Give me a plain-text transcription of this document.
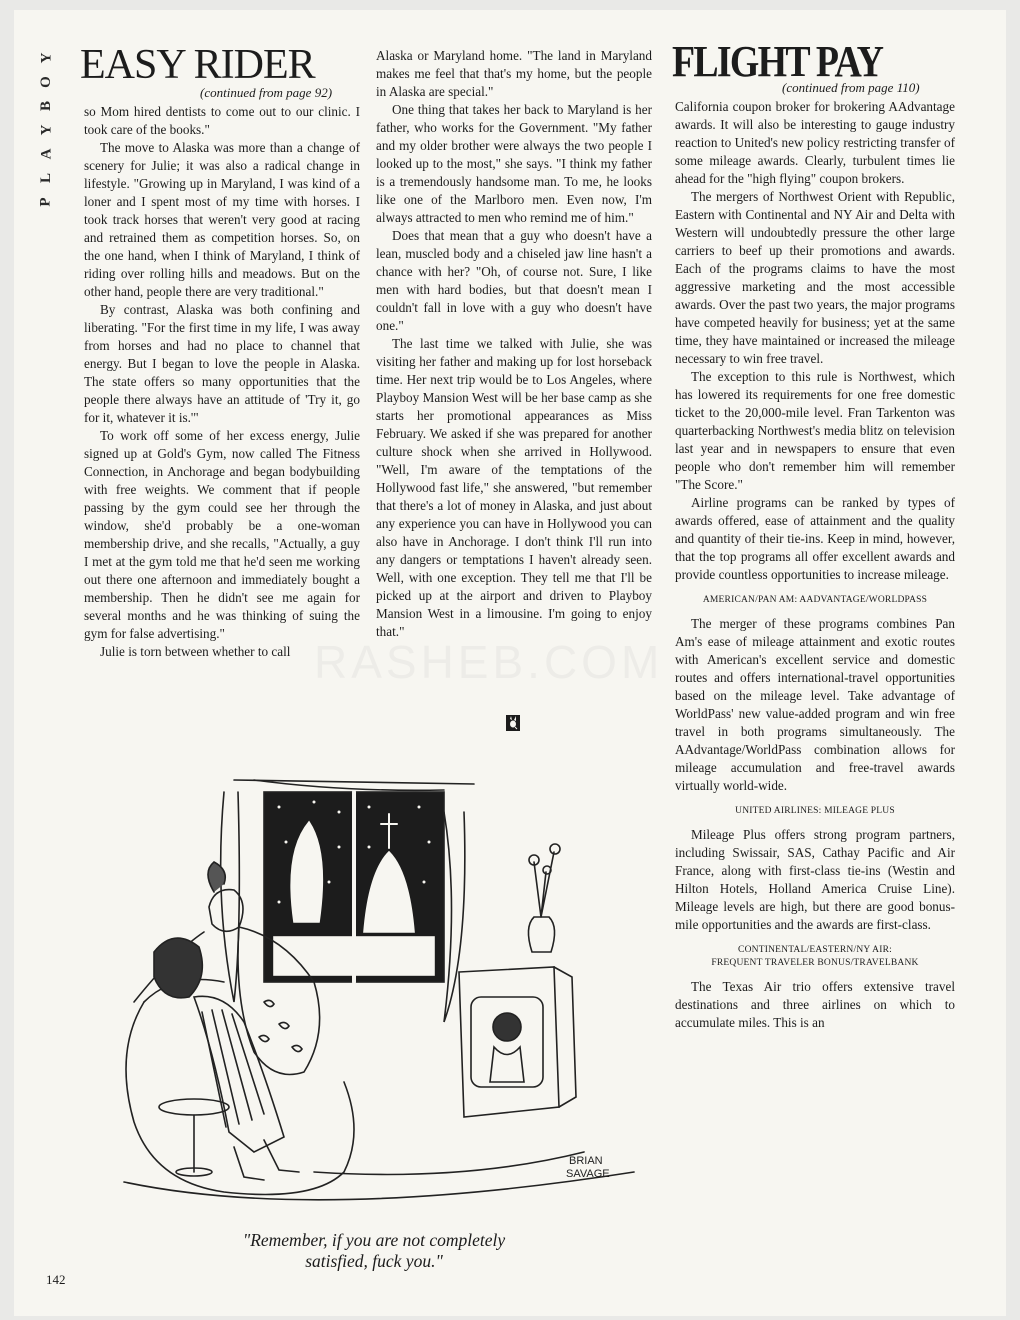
Y
O
B
Y
A
L
P
EASY RIDER
(continued from page 92)

so Mom hired dentists to come out to our clinic. I took care of the books."

The move to Alaska was more than a change of scenery for Julie; it was also a radical change in lifestyle. "Growing up in Maryland, I was kind of a loner and I spent most of my time with horses. I took track horses that weren't very good at racing and retrained them as competition horses. So, on the one hand, when I think of Maryland, I think of riding over rolling hills and meadows. But on the other hand, people there are very traditional."

By contrast, Alaska was both confining and liberating. "For the first time in my life, I was away from horses and had no place to channel that energy. But I began to love the people in Alaska. The state offers so many opportunities that the people there always have an attitude of 'Try it, go for it, whatever it is.'"

To work off some of her excess energy, Julie signed up at Gold's Gym, now called The Fitness Connection, in Anchorage and began bodybuilding with free weights. We comment that if people passing by the gym could see her through the window, she'd probably be a one-woman membership drive, and she recalls, "Actually, a guy I met at the gym told me that he'd seen me working out there one afternoon and immediately bought a membership. Then he didn't see me again for several months and he was thinking of suing the gym for false advertising."

Julie is torn between whether to call

Alaska or Maryland home. "The land in Maryland makes me feel that that's my home, but the people in Alaska are special."

One thing that takes her back to Maryland is her father, who works for the Government. "My father and my older brother were always the two people I looked up to the most," she says. "I think my father is a tremendously handsome man. To me, he looks like one of the Marlboro men. Even now, I'm always attracted to men who remind me of him."

Does that mean that a guy who doesn't have a lean, muscled body and a chiseled jaw line hasn't a chance with her? "Oh, of course not. Sure, I like men with hard bodies, but that doesn't mean I couldn't fall in love with a guy who doesn't have one."

The last time we talked with Julie, she was visiting her father and making up for lost horseback time. Her next trip would be to Los Angeles, where Playboy Mansion West will be her base camp as she starts her promotional appearances as Miss February. We asked if she was prepared for another culture shock when she arrived in Hollywood. "Well, I'm aware of the temptations of the Hollywood fast life," she answered, "but remember that there's a lot of money in Alaska, and just about any experience you can have in Hollywood you can also have in Anchorage. I don't think I'll run into any dangers or temptations I haven't already seen. Well, with one exception. They tell me that I'll be picked up at the airport and driven to Playboy Mansion West in a limousine. I'm going to enjoy that."

FLIGHT PAY
(continued from page 110)

California coupon broker for brokering AAdvantage awards. It will also be interesting to gauge industry reaction to United's new policy restricting transfer of some mileage awards. Clearly, turbulent times lie ahead for the "high flying" coupon brokers.

The mergers of Northwest Orient with Republic, Eastern with Continental and NY Air and Delta with Western will undoubtedly pressure the other large carriers to beef up their promotions and awards. Each of the programs claims to have the most aggressive marketing and the most accessible awards. Over the past two years, the major programs have competed heavily for business; yet at the same time, they have maintained or increased the mileage necessary to win free travel.

The exception to this rule is Northwest, which has lowered its requirements for one free domestic ticket to the 20,000-mile level. Fran Tarkenton was quarterbacking Northwest's media blitz on television last year and in newspapers to ensure that even people who don't remember him will remember "The Score."

Airline programs can be ranked by types of awards offered, ease of attainment and the quality and quantity of their tie-ins. Keep in mind, however, that the top programs all offer excellent awards and provide countless opportunities to increase mileage.

AMERICAN/PAN AM: AADVANTAGE/WORLDPASS

The merger of these programs combines Pan Am's ease of mileage attainment and exotic routes with American's excellent service and domestic routes and offers international-travel opportunities based on the mileage level. Take advantage of WorldPass' new value-added program and win free travel in both programs simultaneously. The AAdvantage/WorldPass combination allows for mileage accumulation and free-travel awards virtually world-wide.

UNITED AIRLINES: MILEAGE PLUS

Mileage Plus offers strong program partners, including Swissair, SAS, Cathay Pacific and Air France, along with first-class tie-ins (Westin and Hilton Hotels, Holland America Cruise Line). Mileage levels are high, but there are good bonus-mile opportunities and the awards are first-class.

CONTINENTAL/EASTERN/NY AIR:
FREQUENT TRAVELER BONUS/TRAVELBANK

The Texas Air trio offers extensive travel destinations and three airlines on which to accumulate miles. This is an

RASHEB.COM
BRIAN
SAVAGE
"Remember, if you are not completely
satisfied, fuck you."
142
